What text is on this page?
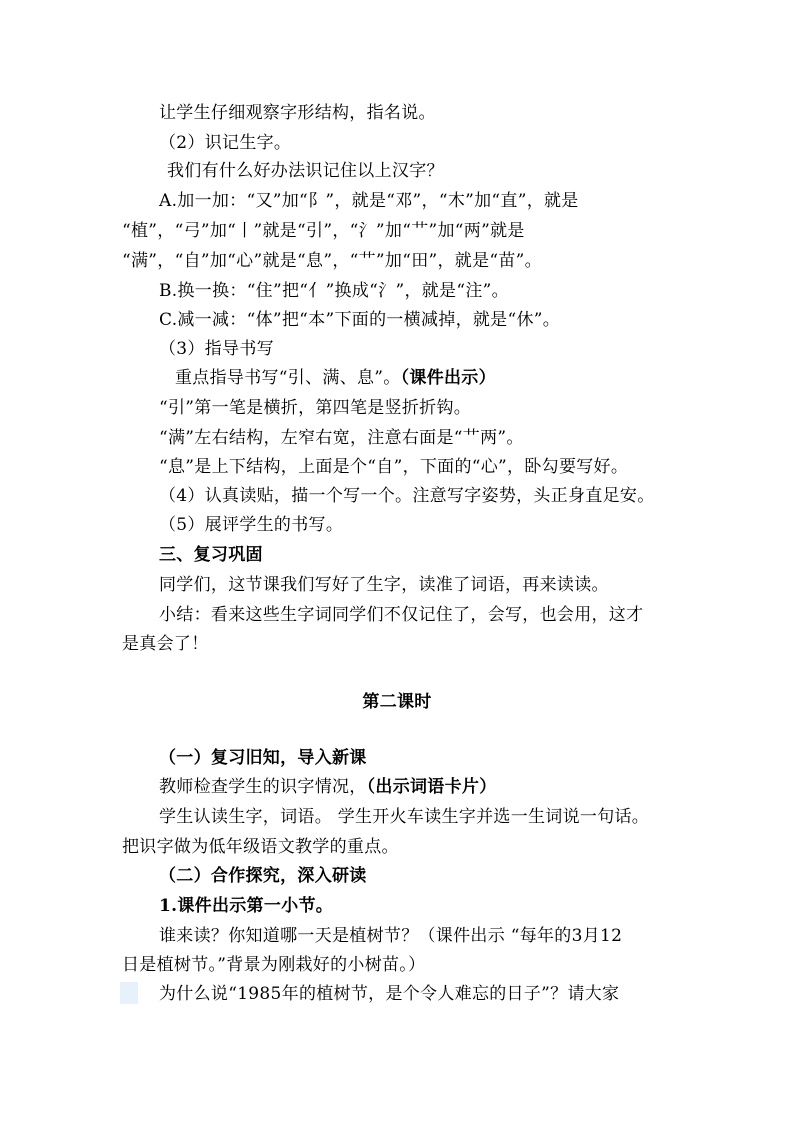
让学生仔细观察字形结构，指名说。
（2）识记生字。
我们有什么好办法识记住以上汉字？
A.加一加：“又”加“阝”，就是“邓”，“木”加“直”，就是
“植”，“弓”加“丨”就是“引”，“氵”加“艹”加“两”就是
“满”，“自”加“心”就是“息”，“艹”加“田”，就是“苗”。
B.换一换：“住”把“亻”换成“氵”，就是“注”。
C.减一减：“体”把“本”下面的一横减掉，就是“休”。
（3）指导书写
重点指导书写“引、满、息”。（课件出示）
“引”第一笔是横折，第四笔是竖折折钩。
“满”左右结构，左窄右宽，注意右面是“艹两”。
“息”是上下结构，上面是个“自”，下面的“心”，卧勾要写好。
（4）认真读贴，描一个写一个。注意写字姿势，头正身直足安。
（5）展评学生的书写。
三、复习巩固
同学们，这节课我们写好了生字，读准了词语，再来读读。
小结：看来这些生字词同学们不仅记住了，会写，也会用，这才
是真会了！
第二课时
（一）复习旧知，导入新课
教师检查学生的识字情况，（出示词语卡片）
学生认读生字，词语。 学生开火车读生字并选一生词说一句话。
把识字做为低年级语文教学的重点。
（二）合作探究，深入研读
1.课件出示第一小节。
谁来读？你知道哪一天是植树节？（课件出示 “每年的3月12
日是植树节。”背景为刚栽好的小树苗。）
为什么说“1985年的植树节，是个令人难忘的日子”？请大家
